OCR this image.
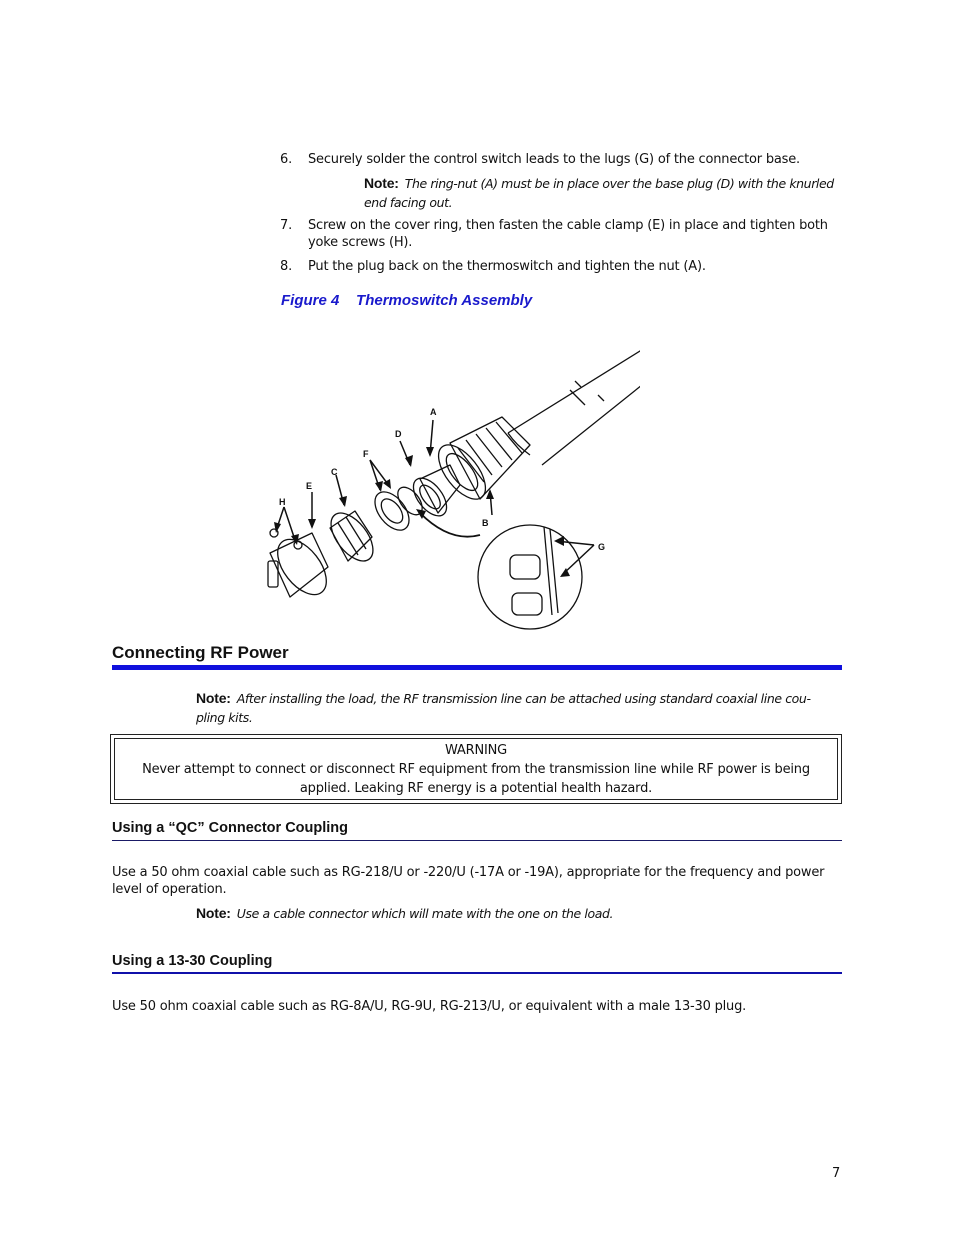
6. Securely solder the control switch leads to the lugs (G) of the connector base.
Note: The ring-nut (A) must be in place over the base plug (D) with the knurled end facing out.
7. Screw on the cover ring, then fasten the cable clamp (E) in place and tighten both yoke screws (H).
8. Put the plug back on the thermoswitch and tighten the nut (A).
Figure 4 Thermoswitch Assembly
A
D
F
C
E
H
B
G
Connecting RF Power
Note: After installing the load, the RF transmission line can be attached using standard coaxial line cou-pling kits.
WARNING
Never attempt to connect or disconnect RF equipment from the transmission line while RF power is being applied. Leaking RF energy is a potential health hazard.
Using a “QC” Connector Coupling
Use a 50 ohm coaxial cable such as RG-218/U or -220/U (-17A or -19A), appropriate for the frequency and power level of operation.
Note: Use a cable connector which will mate with the one on the load.
Using a 13-30 Coupling
Use 50 ohm coaxial cable such as RG-8A/U, RG-9U, RG-213/U, or equivalent with a male 13-30 plug.
7
